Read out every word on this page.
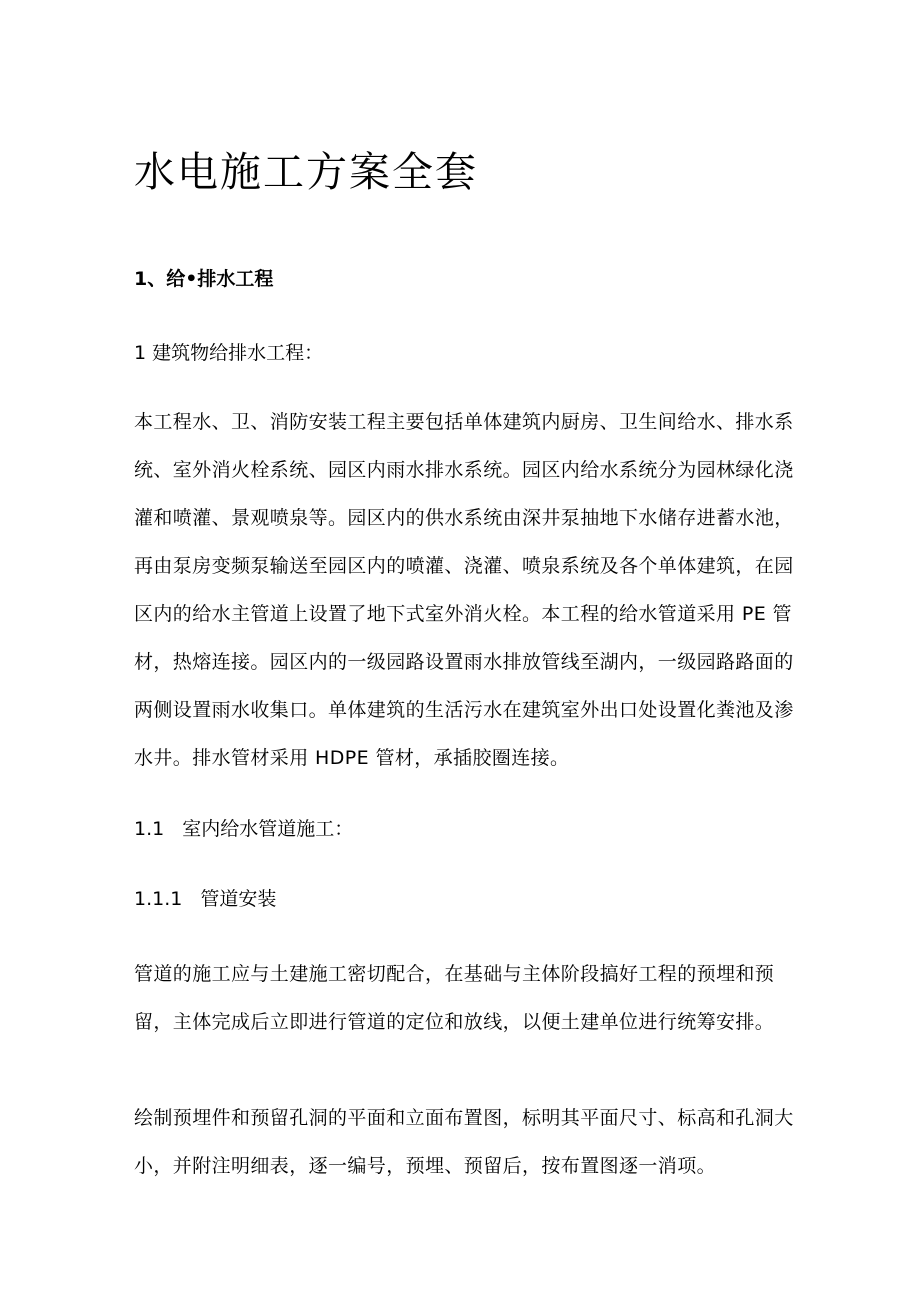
水电施工方案全套
1、给•排水工程
1 建筑物给排水工程：

本工程水、卫、消防安装工程主要包括单体建筑内厨房、卫生间给水、排水系统、室外消火栓系统、园区内雨水排水系统。园区内给水系统分为园林绿化浇灌和喷灌、景观喷泉等。园区内的供水系统由深井泵抽地下水储存进蓄水池，再由泵房变频泵输送至园区内的喷灌、浇灌、喷泉系统及各个单体建筑，在园区内的给水主管道上设置了地下式室外消火栓。本工程的给水管道采用 PE 管材，热熔连接。园区内的一级园路设置雨水排放管线至湖内，一级园路路面的两侧设置雨水收集口。单体建筑的生活污水在建筑室外出口处设置化粪池及渗水井。排水管材采用 HDPE 管材，承插胶圈连接。

1.1 室内给水管道施工：
1.1.1 管道安装

管道的施工应与土建施工密切配合，在基础与主体阶段搞好工程的预埋和预留，主体完成后立即进行管道的定位和放线，以便土建单位进行统筹安排。

绘制预埋件和预留孔洞的平面和立面布置图，标明其平面尺寸、标高和孔洞大小，并附注明细表，逐一编号，预埋、预留后，按布置图逐一消项。
